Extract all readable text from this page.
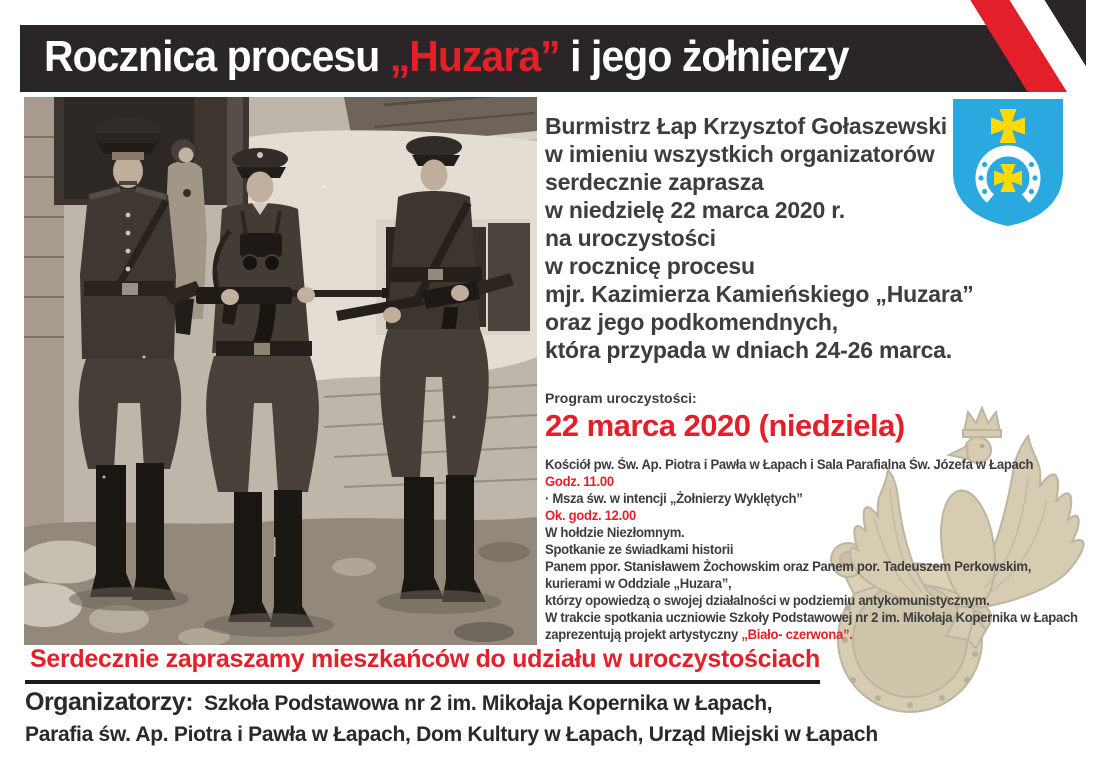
Rocznica procesu „Huzara” i jego żołnierzy
Burmistrz Łap Krzysztof Gołaszewski
w imieniu wszystkich organizatorów
serdecznie zaprasza
w niedzielę 22 marca 2020 r.
na uroczystości
w rocznicę procesu
mjr. Kazimierza Kamieńskiego „Huzara”
oraz jego podkomendnych,
która przypada w dniach 24-26 marca.
Program uroczystości:
22 marca 2020 (niedziela)
Kościół pw. Św. Ap. Piotra i Pawła w Łapach i Sala Parafialna Św. Józefa w Łapach
Godz. 11.00
· Msza św. w intencji „Żołnierzy Wyklętych”
Ok. godz. 12.00
W hołdzie Niezłomnym.
Spotkanie ze świadkami historii
Panem ppor. Stanisławem Żochowskim oraz Panem por. Tadeuszem Perkowskim,
kurierami w Oddziale „Huzara”,
którzy opowiedzą o swojej działalności w podziemiu antykomunistycznym.
W trakcie spotkania uczniowie Szkoły Podstawowej nr 2 im. Mikołaja Kopernika w Łapach
zaprezentują projekt artystyczny „Biało- czerwona”.
Serdecznie zapraszamy mieszkańców do udziału w uroczystościach
Organizatorzy:  Szkoła Podstawowa nr 2 im. Mikołaja Kopernika w Łapach,
Parafia św. Ap. Piotra i Pawła w Łapach, Dom Kultury w Łapach, Urząd Miejski w Łapach
